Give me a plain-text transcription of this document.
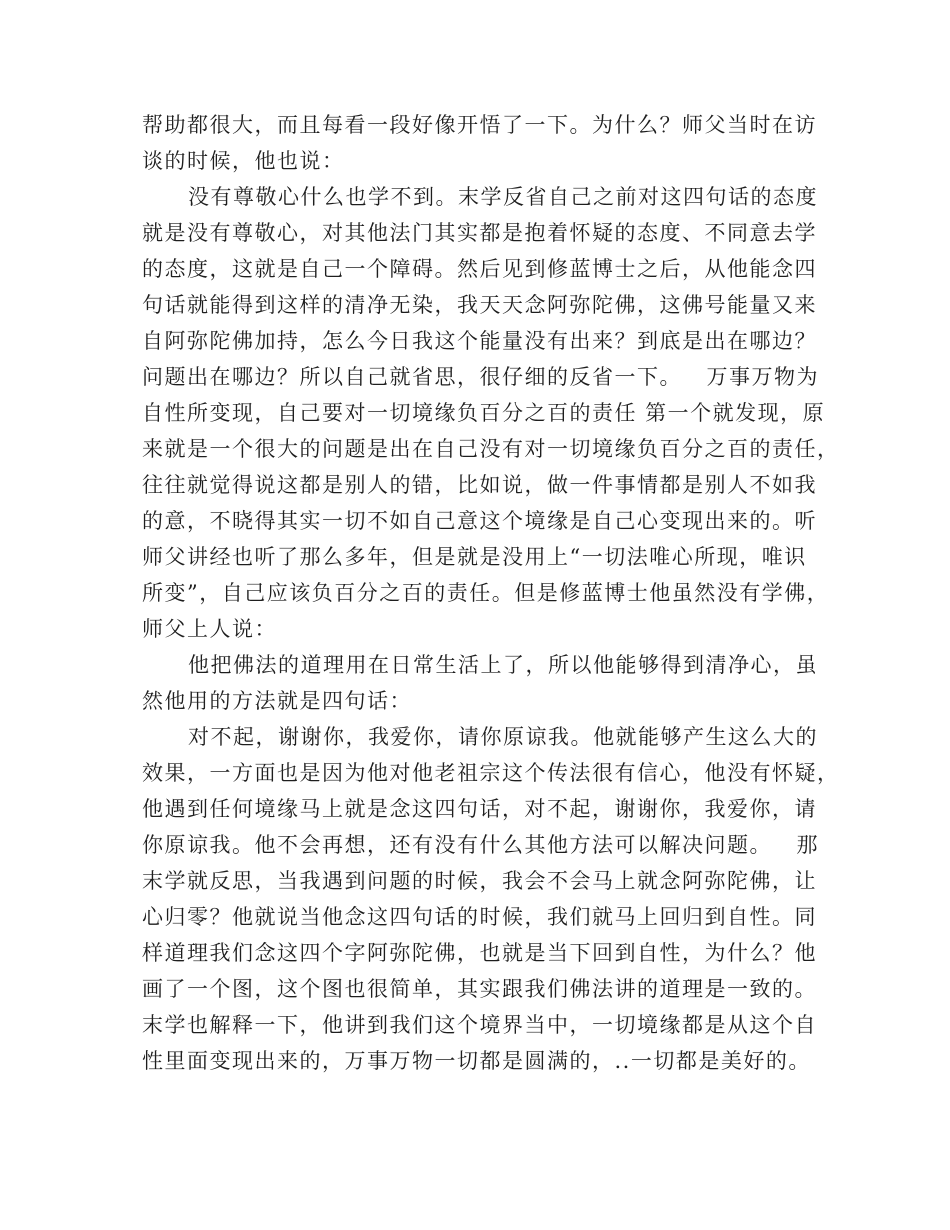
帮助都很大，而且每看一段好像开悟了一下。为什么？师父当时在访
谈的时候，他也说：
没有尊敬心什么也学不到。末学反省自己之前对这四句话的态度
就是没有尊敬心，对其他法门其实都是抱着怀疑的态度、不同意去学
的态度，这就是自己一个障碍。然后见到修蓝博士之后，从他能念四
句话就能得到这样的清净无染，我天天念阿弥陀佛，这佛号能量又来
自阿弥陀佛加持，怎么今日我这个能量没有出来？到底是出在哪边？
问题出在哪边？所以自己就省思，很仔细的反省一下。   万事万物为
自性所变现，自己要对一切境缘负百分之百的责任 第一个就发现，原
来就是一个很大的问题是出在自己没有对一切境缘负百分之百的责任，
往往就觉得说这都是别人的错，比如说，做一件事情都是别人不如我
的意，不晓得其实一切不如自己意这个境缘是自己心变现出来的。听
师父讲经也听了那么多年，但是就是没用上“一切法唯心所现，唯识
所变”，自己应该负百分之百的责任。但是修蓝博士他虽然没有学佛，
师父上人说：
他把佛法的道理用在日常生活上了，所以他能够得到清净心，虽
然他用的方法就是四句话：
对不起，谢谢你，我爱你，请你原谅我。他就能够产生这么大的
效果，一方面也是因为他对他老祖宗这个传法很有信心，他没有怀疑，
他遇到任何境缘马上就是念这四句话，对不起，谢谢你，我爱你，请
你原谅我。他不会再想，还有没有什么其他方法可以解决问题。   那
末学就反思，当我遇到问题的时候，我会不会马上就念阿弥陀佛，让
心归零？他就说当他念这四句话的时候，我们就马上回归到自性。同
样道理我们念这四个字阿弥陀佛，也就是当下回到自性，为什么？他
画了一个图，这个图也很简单，其实跟我们佛法讲的道理是一致的。
末学也解释一下，他讲到我们这个境界当中，一切境缘都是从这个自
性里面变现出来的，万事万物一切都是圆满的，..一切都是美好的。
